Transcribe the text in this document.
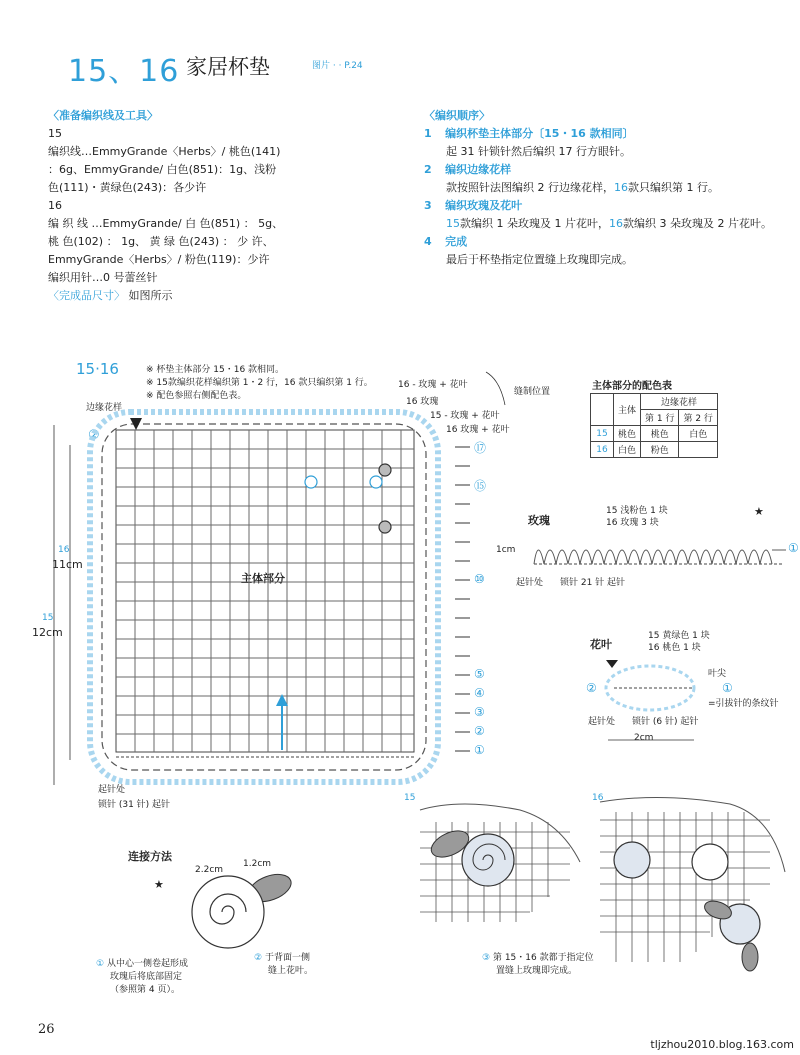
15、16 家居杯垫	图片 · · P.24
〈准备编织线及工具〉
15
编织线…EmmyGrande〈Herbs〉/ 桃色(141)
：6g、EmmyGrande/ 白色(851)：1g、浅粉
色(111)・黄绿色(243)：各少许
16
编 织 线 …EmmyGrande/ 白 色(851) ： 5g、
桃 色(102) ： 1g、 黄 绿 色(243) ： 少 许、
EmmyGrande〈Herbs〉/ 粉色(119)：少许
编织用针…0 号蕾丝针
〈完成品尺寸〉 如图所示
〈编织顺序〉
1 编织杯垫主体部分〔15・16 款相同〕
起 31 针锁针然后编织 17 行方眼针。
2 编织边缘花样
款按照针法图编织 2 行边缘花样，16款只编织第 1 行。
3 编织玫瑰及花叶
15款编织 1 朵玫瑰及 1 片花叶，16款编织 3 朵玫瑰及 2 片花叶。
4 完成
最后于杯垫指定位置缝上玫瑰即完成。
15·16	※ 杯垫主体部分 15・16 款相同。
※ 15款编织花样编织第 1・2 行，16 款只编织第 1 行。
※ 配色参照右侧配色表。
边缘花样
②
16 - 玫瑰 + 花叶
缝制位置
16 玫瑰
15 - 玫瑰 + 花叶
16 玫瑰 + 花叶
16
11cm
15
12cm
主体部分
起针处
锁针 (31 针) 起针
⑰
⑮
⑩
⑤
④
③
②
①
主体部分的配色表
	主体	边缘花样	
		第 1 行	第 2 行
15	桃色	桃色	白色
16	白色	粉色	
玫瑰
15 浅粉色 1 块
16 玫瑰 3 块
1cm
起针处 锁针 21 针 起针
★
①
花叶
15 黄绿色 1 块
16 桃色 1 块
叶尖
=引拔针的条纹针
起针处 锁针 (6 针) 起针
2cm
①
②
连接方法
2.2cm
1.2cm
★
① 从中心一侧卷起形成
玫瑰后将底部固定
（参照第 4 页）。
② 于背面一侧
缝上花叶。
③ 第 15・16 款都于指定位
置缝上玫瑰即完成。
15	16
26
tljzhou2010.blog.163.com
